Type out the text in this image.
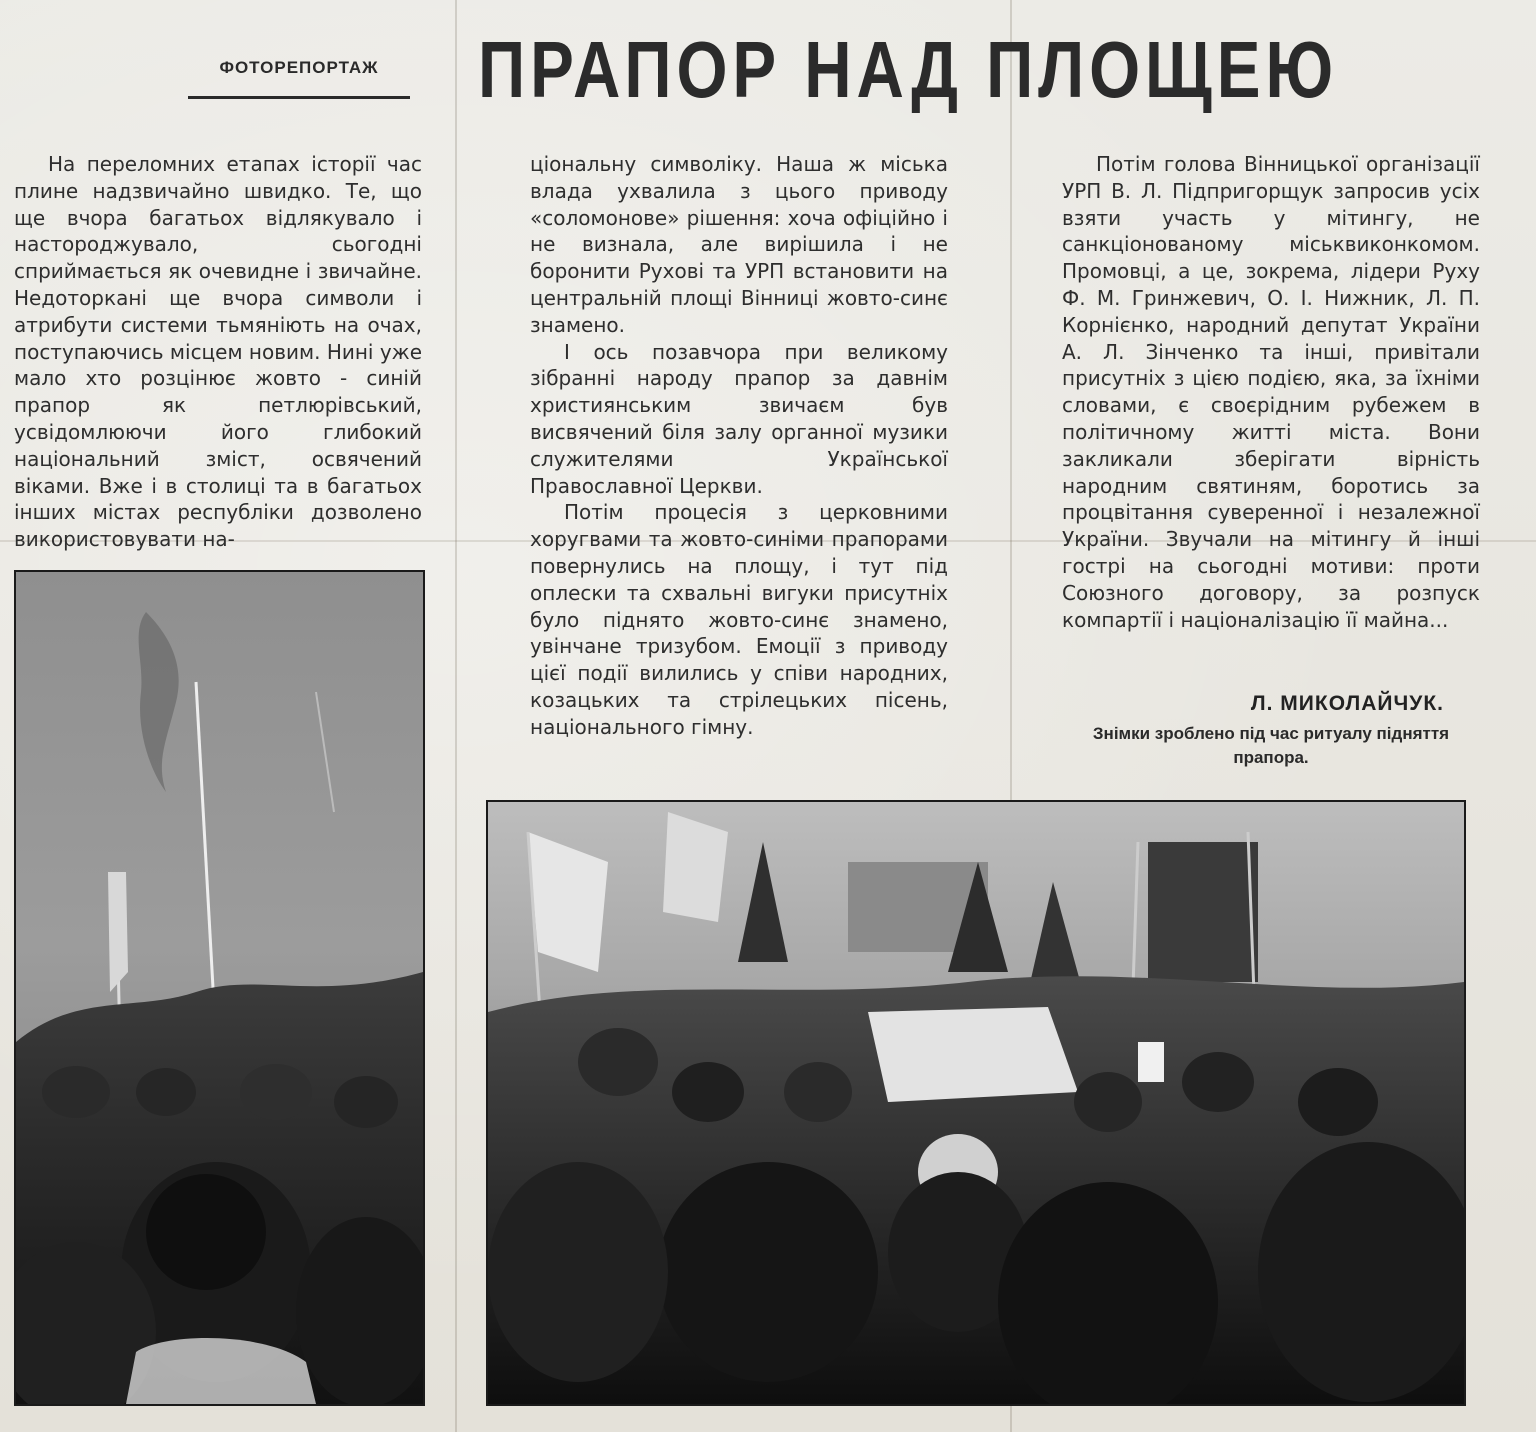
ФОТОРЕПОРТАЖ	ПРАПОР НАД ПЛОЩЕЮ

На переломних етапах історії час плине надзвичайно швидко. Те, що ще вчора багатьох відлякувало і настороджувало, сьогодні сприймається як очевидне і звичайне. Недоторкані ще вчора символи і атрибути системи тьмяніють на очах, поступаючись місцем новим. Нині уже мало хто розцінює жовто - синій прапор як петлюрівський, усвідомлюючи його глибокий національний зміст, освячений віками. Вже і в столиці та в багатьох інших містах республіки дозволено використовувати на-

ціональну символіку. Наша ж міська влада ухвалила з цього приводу «соломонове» рішення: хоча офіційно і не визнала, але вирішила і не боронити Рухові та УРП встановити на центральній площі Вінниці жовто-синє знамено.

І ось позавчора при великому зібранні народу прапор за давнім християнським звичаєм був висвячений біля залу органної музики служителями Української Православної Церкви.

Потім процесія з церковними хоругвами та жовто-синіми прапорами повернулись на площу, і тут під оплески та схвальні вигуки присутніх було піднято жовто-синє знамено, увінчане тризубом. Емоції з приводу цієї події вилились у співи народних, козацьких та стрілецьких пісень, національного гімну.

Потім голова Вінницької організації УРП В. Л. Підпригорщук запросив усіх взяти участь у мітингу, не санкціонованому міськвиконкомом. Промовці, а це, зокрема, лідери Руху Ф. М. Гринжевич, О. І. Нижник, Л. П. Корнієнко, народний депутат України А. Л. Зінченко та інші, привітали присутніх з цією подією, яка, за їхніми словами, є своєрідним рубежем в політичному житті міста. Вони закликали зберігати вірність народним святиням, боротись за процвітання суверенної і незалежної України. Звучали на мітингу й інші гострі на сьогодні мотиви: проти Союзного договору, за розпуск компартії і націоналізацію її майна...

Л. МИКОЛАЙЧУК.
Знімки зроблено під час ритуалу підняття прапора.
